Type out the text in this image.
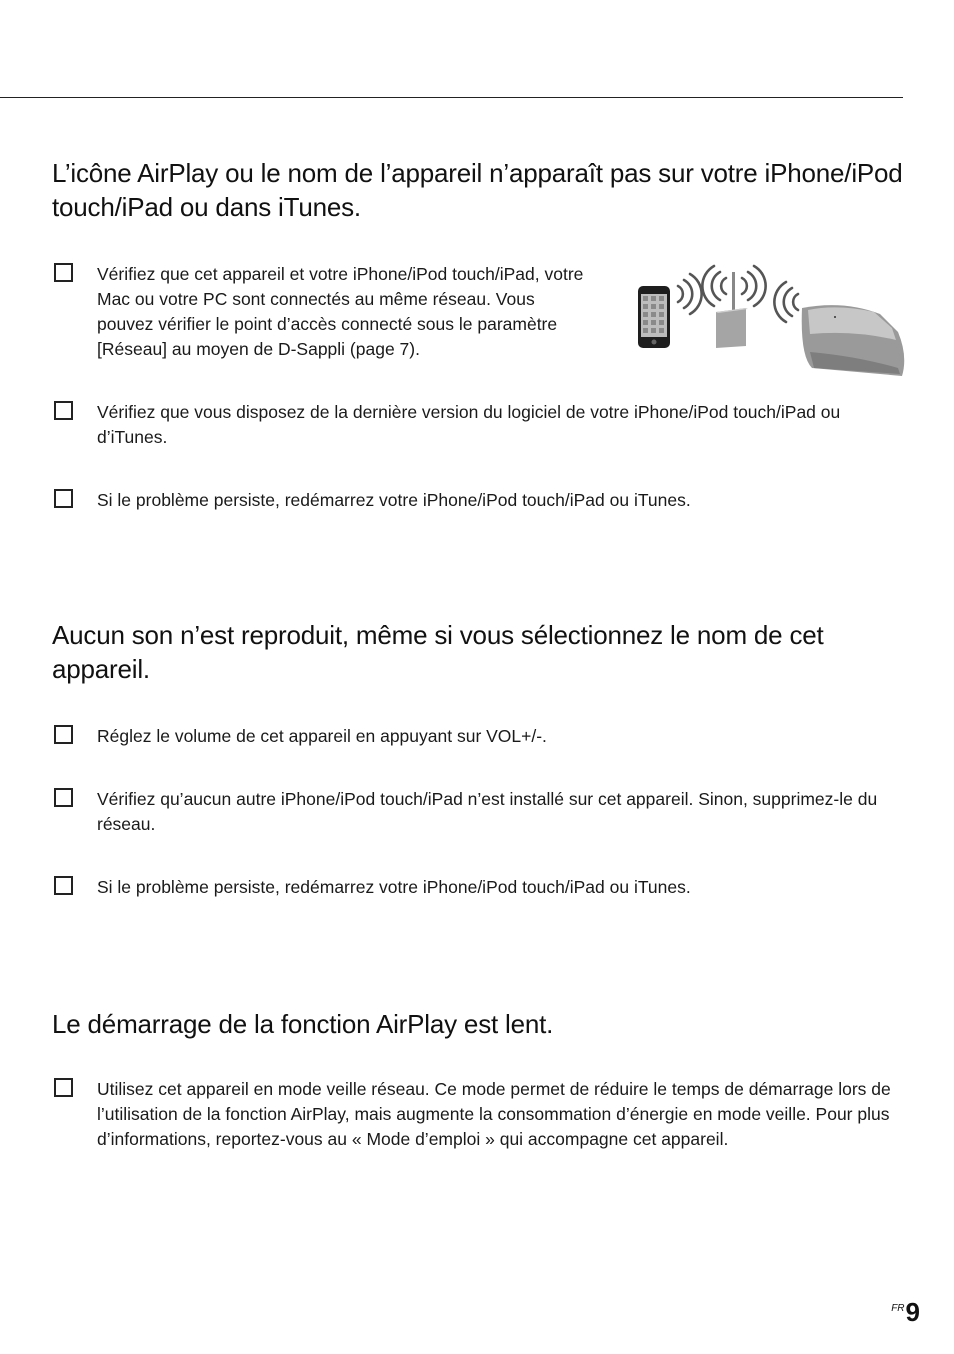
L’icône AirPlay ou le nom de l’appareil n’apparaît pas sur votre iPhone/iPod touch/iPad ou dans iTunes.

Vérifiez que cet appareil et votre iPhone/iPod touch/iPad, votre Mac ou votre PC sont connectés au même réseau. Vous pouvez vérifier le point d’accès connecté sous le paramètre [Réseau] au moyen de D-Sappli (page 7).

Vérifiez que vous disposez de la dernière version du logiciel de votre iPhone/iPod touch/iPad ou d’iTunes.

Si le problème persiste, redémarrez votre iPhone/iPod touch/iPad ou iTunes.

Aucun son n’est reproduit, même si vous sélectionnez le nom de cet appareil.

Réglez le volume de cet appareil en appuyant sur VOL+/-.

Vérifiez qu’aucun autre iPhone/iPod touch/iPad n’est installé sur cet appareil. Sinon, supprimez-le du réseau.

Si le problème persiste, redémarrez votre iPhone/iPod touch/iPad ou iTunes.

Le démarrage de la fonction AirPlay est lent.

Utilisez cet appareil en mode veille réseau. Ce mode permet de réduire le temps de démarrage lors de l’utilisation de la fonction AirPlay, mais augmente la consommation d’énergie en mode veille. Pour plus d’informations, reportez-vous au « Mode d’emploi » qui accompagne cet appareil.

$^{FR}$9
